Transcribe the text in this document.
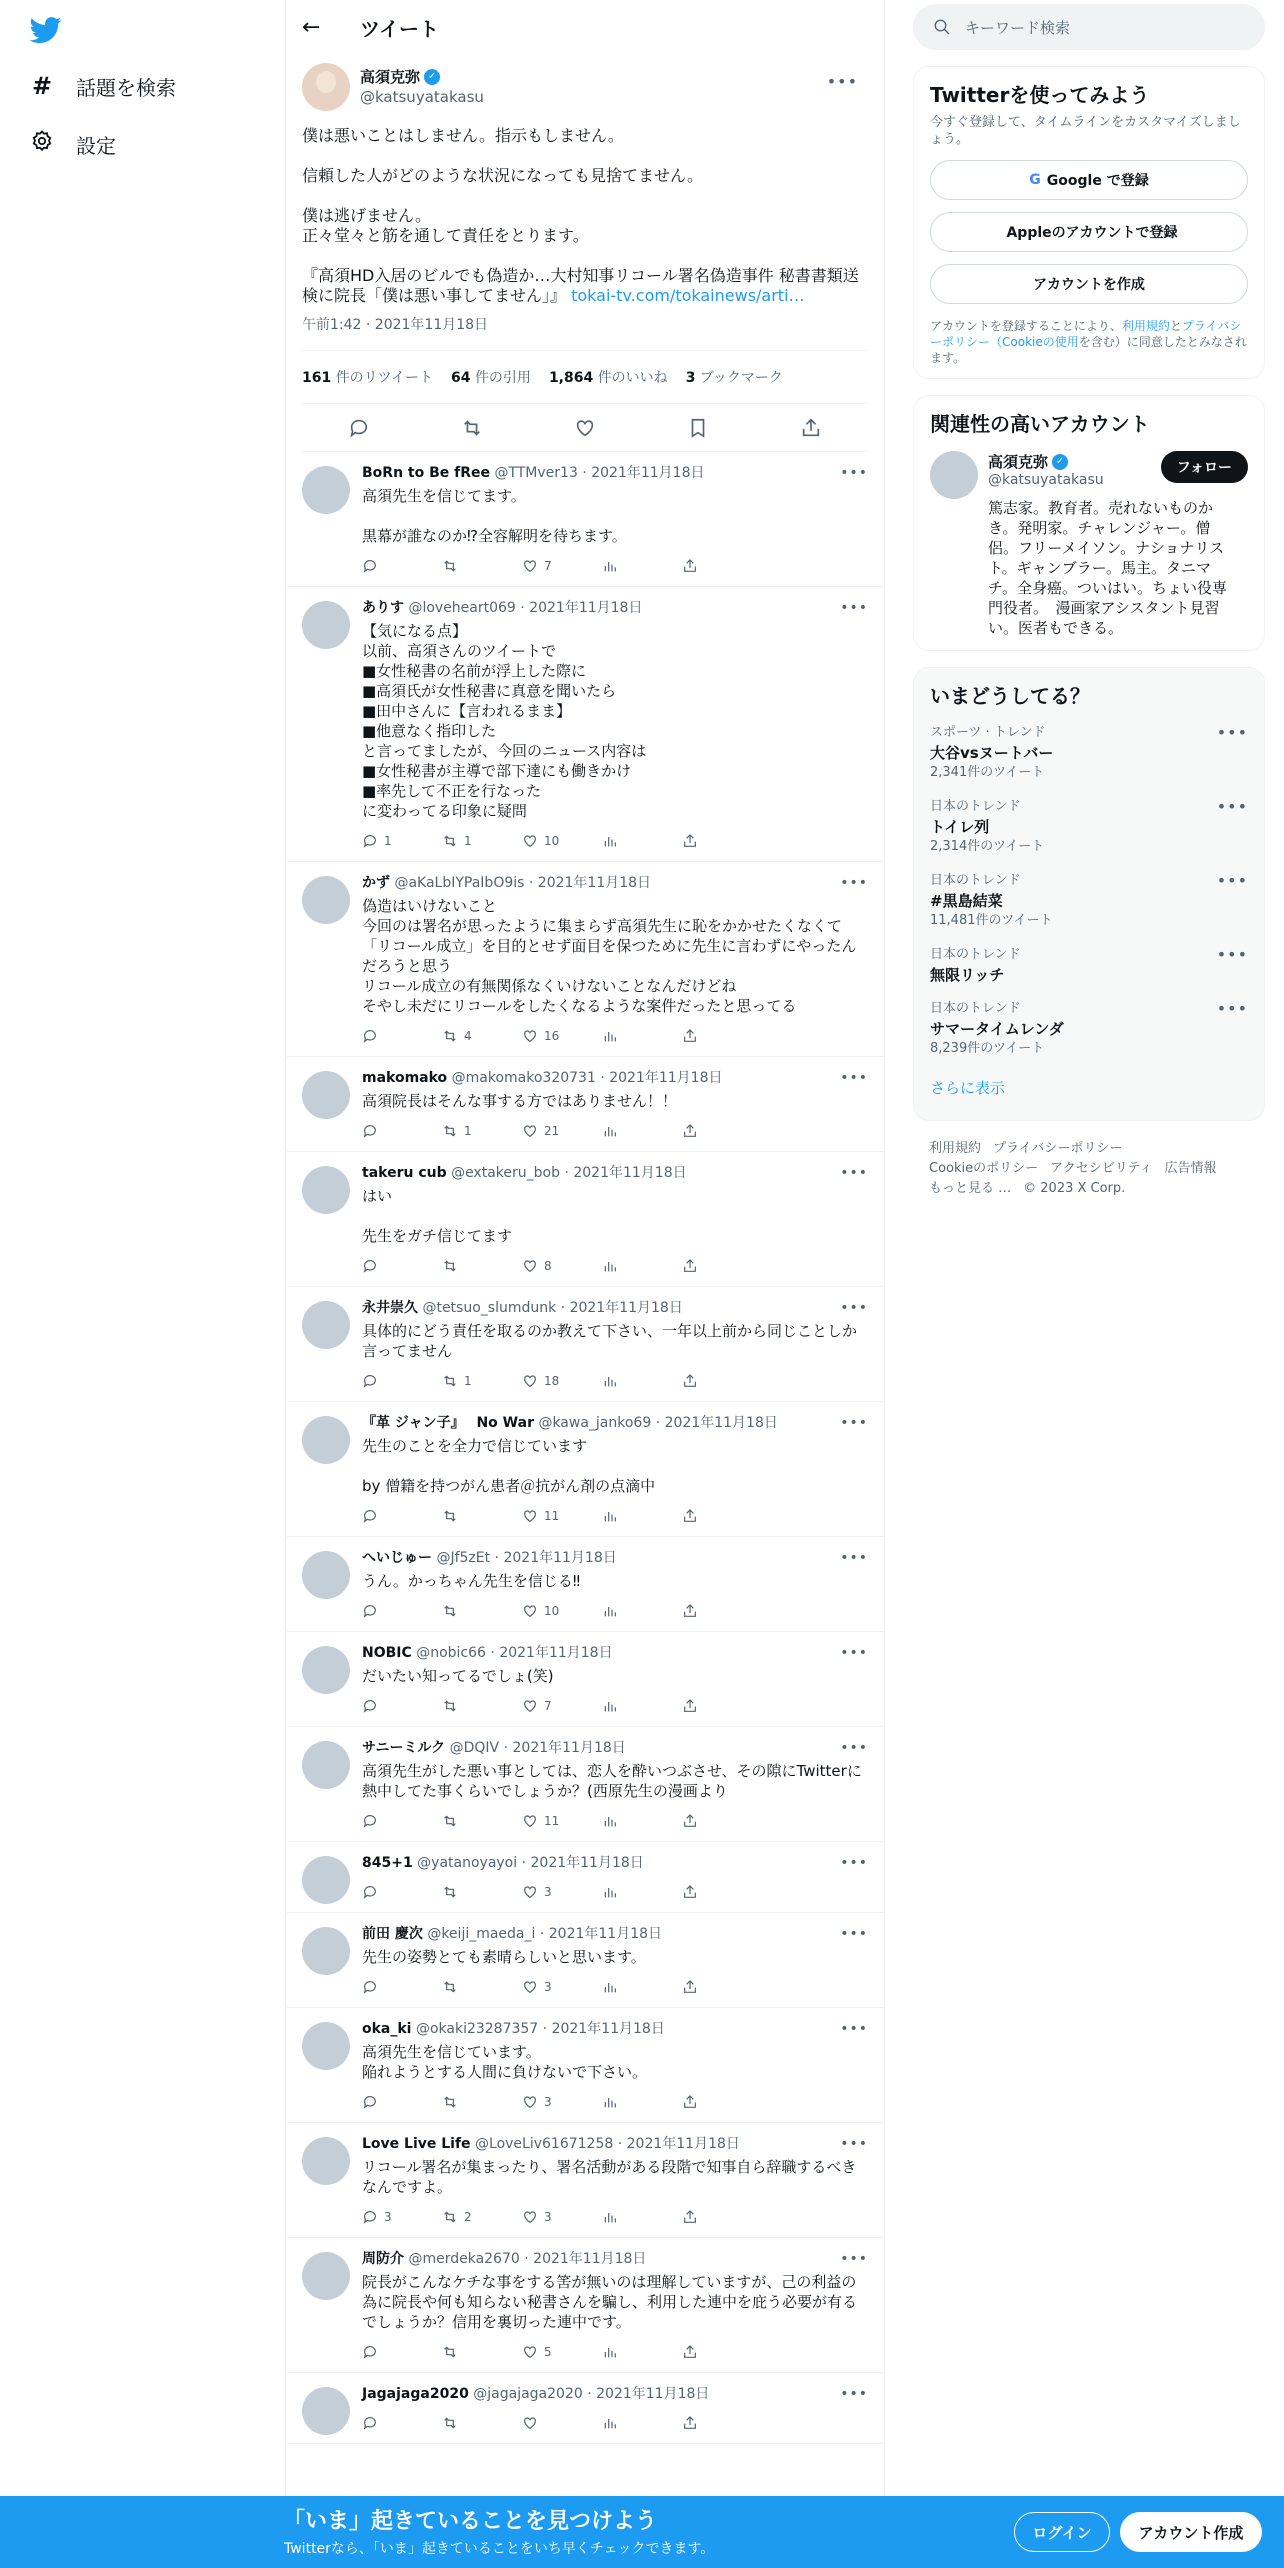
# 話題を検索
設定
←	ツイート
高須克弥 ✓
@katsuyatakasu
•••

僕は悪いことはしません。指示もしません。

信頼した人がどのような状況になっても見捨てません。

僕は逃げません。
正々堂々と筋を通して責任をとります。

『高須HD入居のビルでも偽造か…大村知事リコール署名偽造事件 秘書書類送検に院長「僕は悪い事してません」』 tokai-tv.com/tokainews/arti…

午前1:42 · 2021年11月18日
161 件のリツイート 64 件の引用 1,864 件のいいね 3 ブックマーク
BoRn to Be fRee @TTMver13 · 2021年11月18日	•••
高須先生を信じてます。

黒幕が誰なのか⁉全容解明を待ちます。
7
ありす @loveheart069 · 2021年11月18日	•••
【気になる点】
以前、高須さんのツイートで
■女性秘書の名前が浮上した際に
■高須氏が女性秘書に真意を聞いたら
■田中さんに【言われるまま】
■他意なく指印した
と言ってましたが、今回のニュース内容は
■女性秘書が主導で部下達にも働きかけ
■率先して不正を行なった
に変わってる印象に疑問
1	1	10
かず @aKaLbIYPaIbO9is · 2021年11月18日	•••
偽造はいけないこと
今回のは署名が思ったように集まらず高須先生に恥をかかせたくなくて「リコール成立」を目的とせず面目を保つために先生に言わずにやったんだろうと思う
リコール成立の有無関係なくいけないことなんだけどね
そやし未だにリコールをしたくなるような案件だったと思ってる
4	16
makomako @makomako320731 · 2021年11月18日	•••
高須院長はそんな事する方ではありません！！
1	21
takeru cub @extakeru_bob · 2021年11月18日	•••
はい

先生をガチ信じてます
8
永井崇久 @tetsuo_slumdunk · 2021年11月18日	•••
具体的にどう責任を取るのか教えて下さい、一年以上前から同じことしか言ってません
1	18
『革 ジャン子』　 No War @kawa_janko69 · 2021年11月18日	•••
先生のことを全力で信じています

by 僧籍を持つがん患者＠抗がん剤の点滴中
11
へいじゅー @Jf5zEt · 2021年11月18日	•••
うん。かっちゃん先生を信じる‼
10
NOBIC @nobic66 · 2021年11月18日	•••
だいたい知ってるでしょ(笑)
7
サニーミルク @DQIV · 2021年11月18日	•••
高須先生がした悪い事としては、恋人を酔いつぶさせ、その隙にTwitterに熱中してた事くらいでしょうか？(西原先生の漫画より
11
845+1 @yatanoyayoi · 2021年11月18日	•••
3
前田 慶次 @keiji_maeda_i · 2021年11月18日	•••
先生の姿勢とても素晴らしいと思います。
3
oka_ki @okaki23287357 · 2021年11月18日	•••
高須先生を信じています。
陥れようとする人間に負けないで下さい。
3
Love Live Life @LoveLiv61671258 · 2021年11月18日	•••
リコール署名が集まったり、署名活動がある段階で知事自ら辞職するべきなんですよ。
3	2	3
周防介 @merdeka2670 · 2021年11月18日	•••
院長がこんなケチな事をする筈が無いのは理解していますが、己の利益の為に院長や何も知らない秘書さんを騙し、利用した連中を庇う必要が有るでしょうか？信用を裏切った連中です。
5
Jagajaga2020 @jagajaga2020 · 2021年11月18日	•••
キーワード検索
Twitterを使ってみよう
今すぐ登録して、タイムラインをカスタマイズしましょう。
G Google で登録
Appleのアカウントで登録
アカウントを作成
アカウントを登録することにより、利用規約とプライバシーポリシー（Cookieの使用を含む）に同意したとみなされます。
関連性の高いアカウント
高須克弥 ✓
@katsuyatakasu
篤志家。教育者。売れないものかき。発明家。チャレンジャー。僧侶。フリーメイソン。ナショナリスト。ギャンブラー。馬主。タニマチ。全身癌。ついはい。ちょい役専門役者。　漫画家アシスタント見習い。医者もできる。
フォロー
いまどうしてる？
スポーツ · トレンド
大谷vsヌートバー
2,341件のツイート
•••
日本のトレンド
トイレ列
2,314件のツイート
•••
日本のトレンド
#黒島結菜
11,481件のツイート
•••
日本のトレンド
無限リッチ
•••
日本のトレンド
サマータイムレンダ
8,239件のツイート
•••
さらに表示
利用規約 プライバシーポリシー
Cookieのポリシー アクセシビリティ 広告情報
もっと見る … © 2023 X Corp.
「いま」起きていることを見つけよう
Twitterなら、「いま」起きていることをいち早くチェックできます。
ログイン	アカウント作成
